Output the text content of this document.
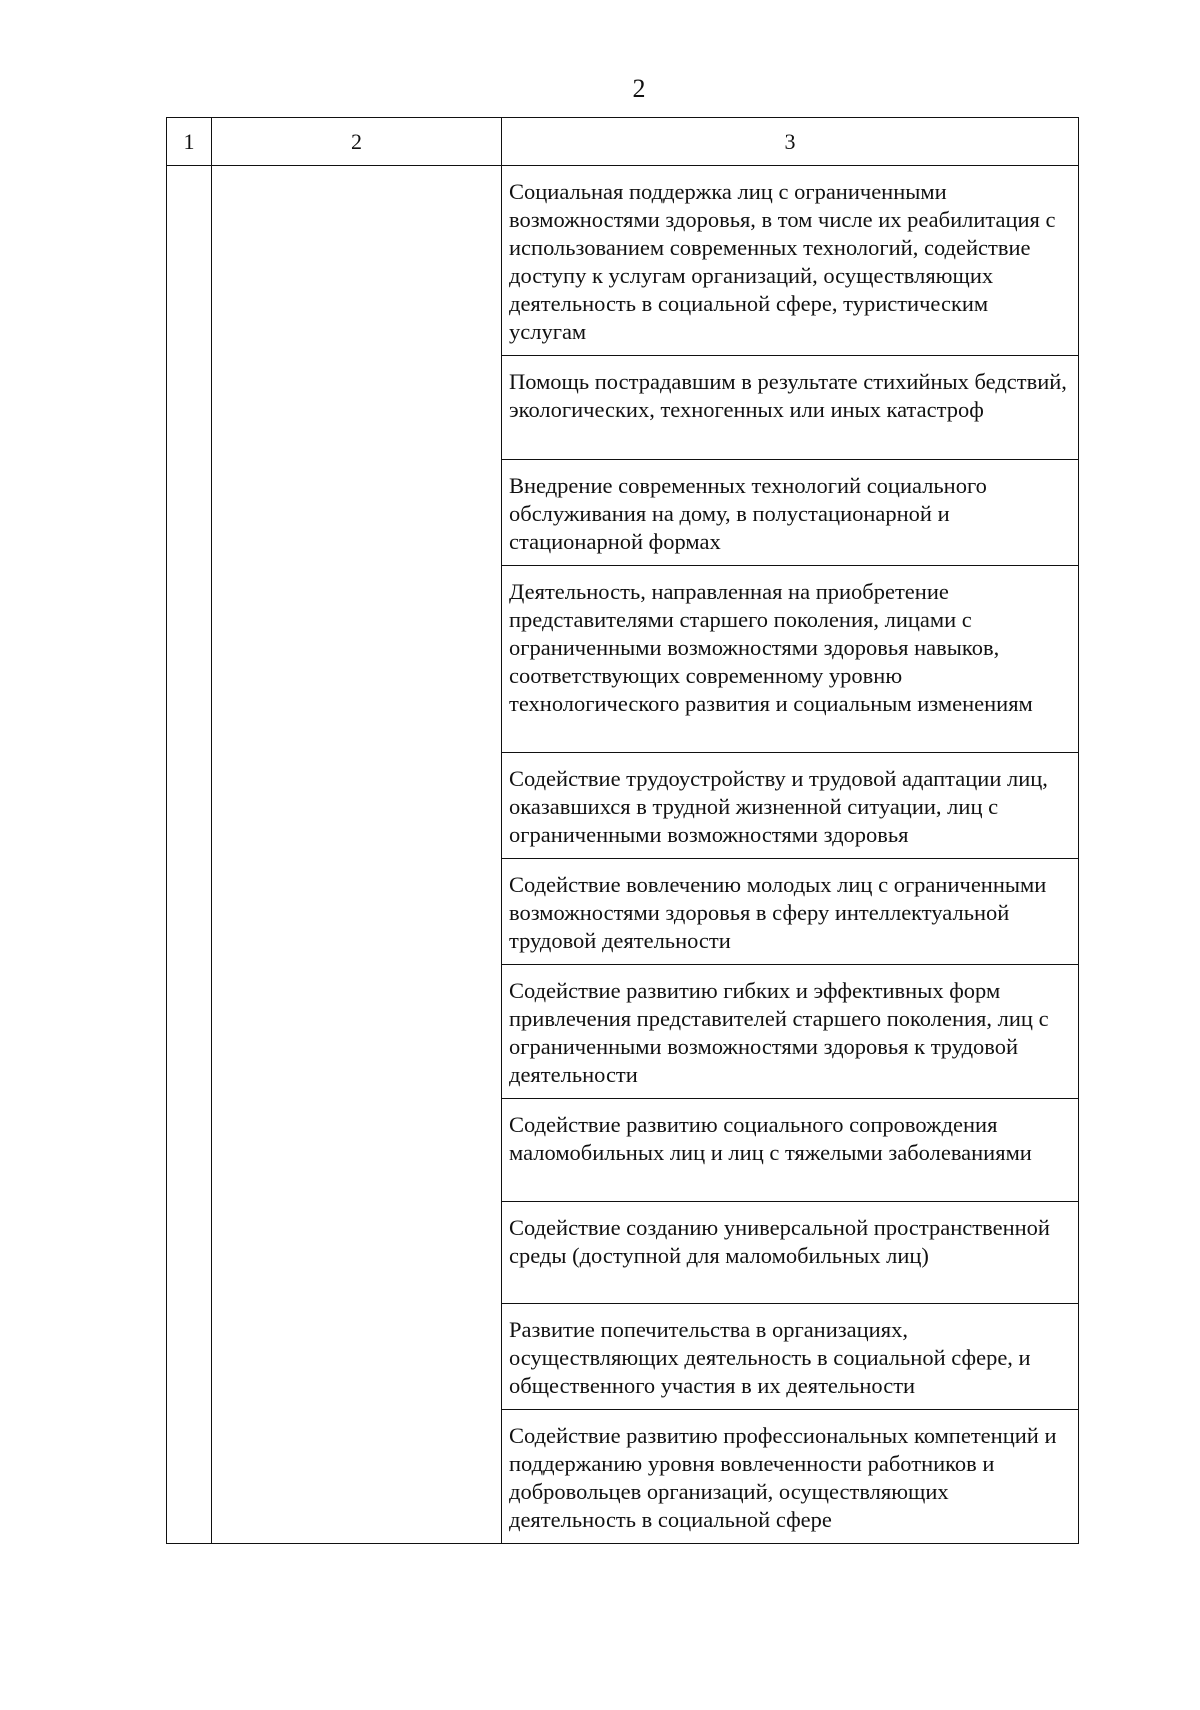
2
1	2	3
		Социальная поддержка лиц с ограниченными возможностями здоровья, в том числе их реабилитация с использованием современных технологий, содействие доступу к услугам организаций, осуществляющих деятельность в социальной сфере, туристическим услугам
		Помощь пострадавшим в результате стихийных бедствий, экологических, техногенных или иных катастроф
		Внедрение современных технологий социального обслуживания на дому, в полустационарной и стационарной формах
		Деятельность, направленная на приобретение представителями старшего поколения, лицами с ограниченными возможностями здоровья навыков, соответствующих современному уровню технологического развития и социальным изменениям
		Содействие трудоустройству и трудовой адаптации лиц, оказавшихся в трудной жизненной ситуации, лиц с ограниченными возможностями здоровья
		Содействие вовлечению молодых лиц с ограниченными возможностями здоровья в сферу интеллектуальной трудовой деятельности
		Содействие развитию гибких и эффективных форм привлечения представителей старшего поколения, лиц с ограниченными возможностями здоровья к трудовой деятельности
		Содействие развитию социального сопровождения маломобильных лиц и лиц с тяжелыми заболеваниями
		Содействие созданию универсальной пространственной среды (доступной для маломобильных лиц)
		Развитие попечительства в организациях, осуществляющих деятельность в социальной сфере, и общественного участия в их деятельности
		Содействие развитию профессиональных компетенций и поддержанию уровня вовлеченности работников и добровольцев организаций, осуществляющих деятельность в социальной сфере
